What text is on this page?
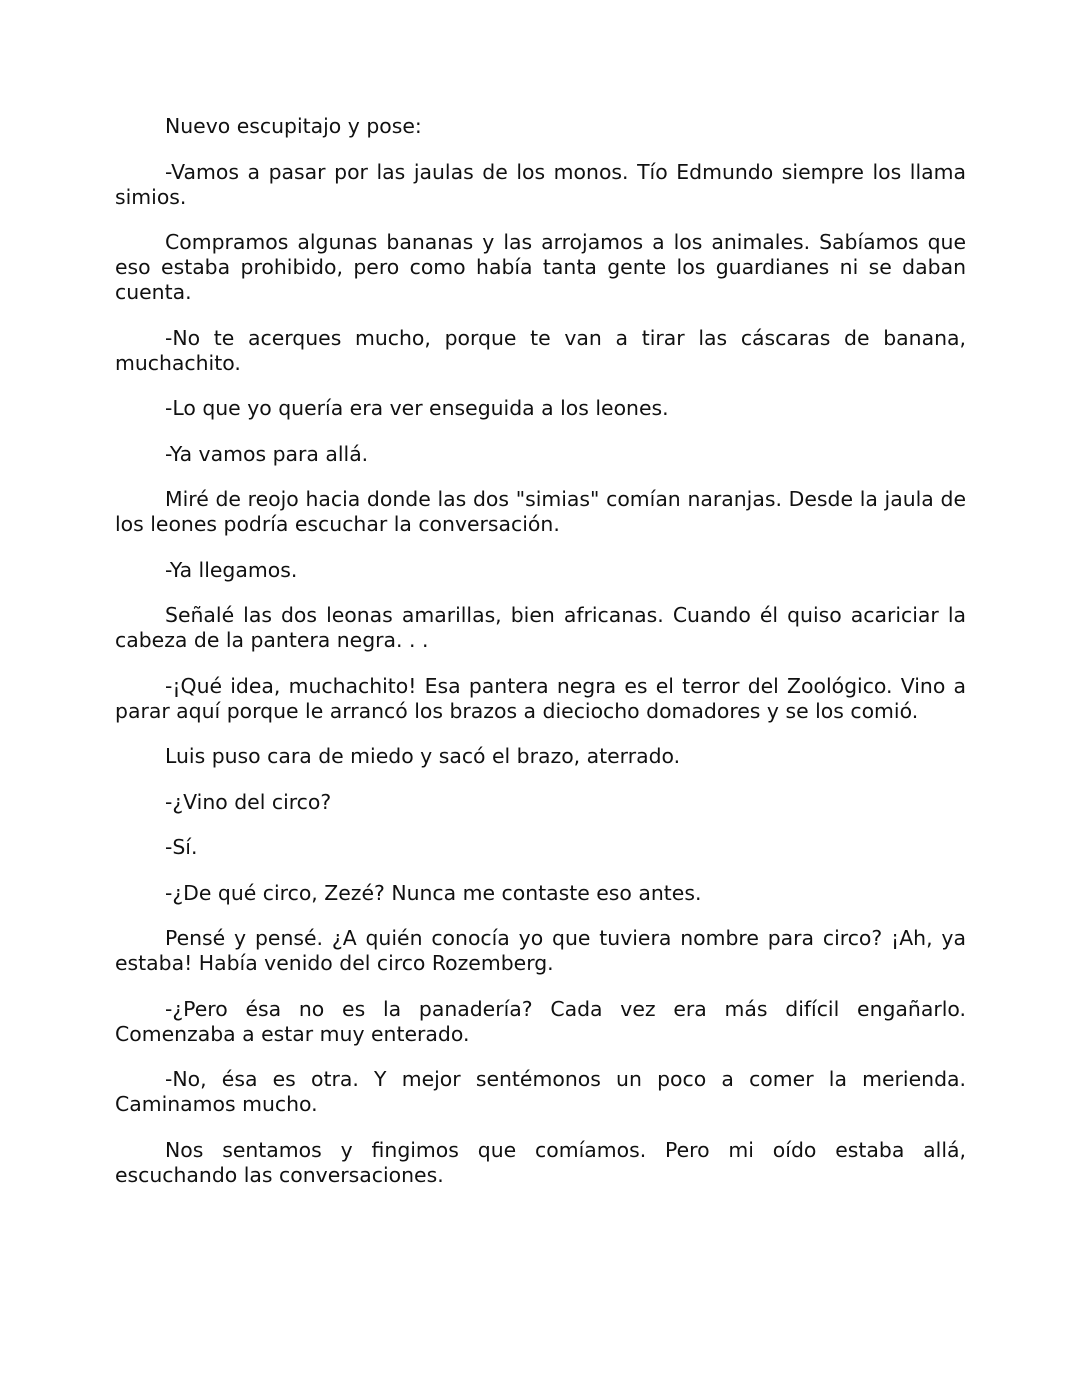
Nuevo escupitajo y pose:

-Vamos a pasar por las jaulas de los monos. Tío Edmundo siempre los llama simios.

Compramos algunas bananas y las arrojamos a los animales. Sabíamos que eso estaba prohibido, pero como había tanta gente los guardianes ni se daban cuenta.

-No te acerques mucho, porque te van a tirar las cáscaras de banana, muchachito.

-Lo que yo quería era ver enseguida a los leones.

-Ya vamos para allá.

Miré de reojo hacia donde las dos "simias" comían naranjas. Desde la jaula de los leones podría escuchar la conversación.

-Ya llegamos.

Señalé las dos leonas amarillas, bien africanas. Cuando él quiso acariciar la cabeza de la pantera negra. . .

-¡Qué idea, muchachito! Esa pantera negra es el terror del Zoológico. Vino a parar aquí porque le arrancó los brazos a dieciocho domadores y se los comió.

Luis puso cara de miedo y sacó el brazo, aterrado.

-¿Vino del circo?

-Sí.

-¿De qué circo, Zezé? Nunca me contaste eso antes.

Pensé y pensé. ¿A quién conocía yo que tuviera nombre para circo? ¡Ah, ya estaba! Había venido del circo Rozemberg.

-¿Pero ésa no es la panadería? Cada vez era más difícil engañarlo. Comenzaba a estar muy enterado.

-No, ésa es otra. Y mejor sentémonos un poco a comer la merienda. Caminamos mucho.

Nos sentamos y fingimos que comíamos. Pero mi oído estaba allá, escuchando las conversaciones.
